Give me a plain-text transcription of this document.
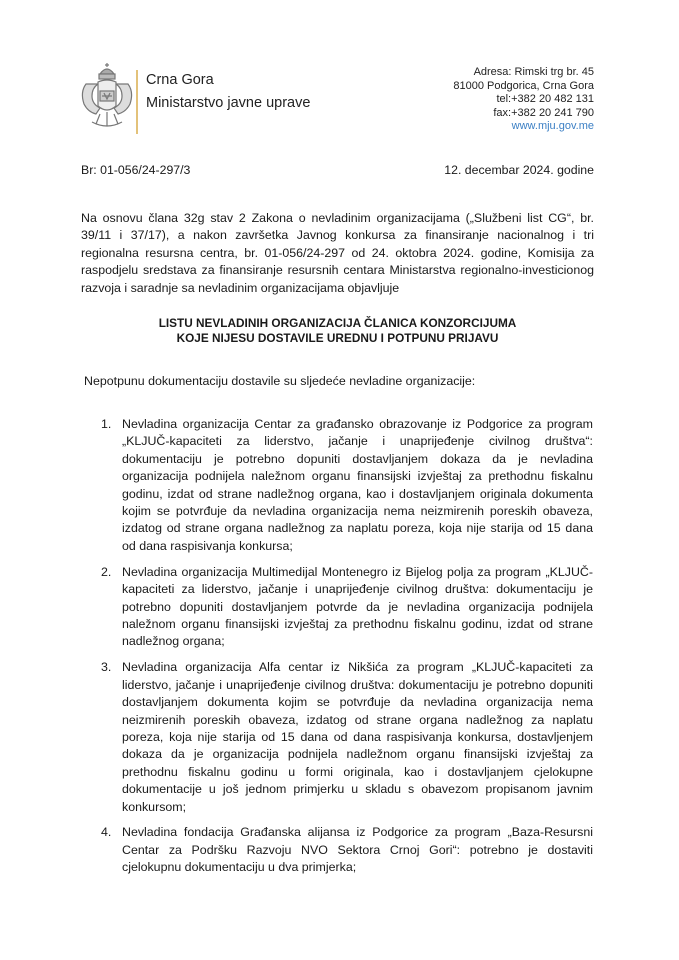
Crna Gora
Ministarstvo javne uprave
Adresa: Rimski trg br. 45
81000 Podgorica, Crna Gora
tel:+382 20 482 131
fax:+382 20 241 790
www.mju.gov.me
Br: 01-056/24-297/3	12. decembar 2024. godine
Na osnovu člana 32g stav 2 Zakona o nevladinim organizacijama („Službeni list CG“, br. 39/11 i 37/17), a nakon završetka Javnog konkursa za finansiranje nacionalnog i tri regionalna resursna centra, br. 01-056/24-297 od 24. oktobra 2024. godine, Komisija za raspodjelu sredstava za finansiranje resursnih centara Ministarstva regionalno-investicionog razvoja i saradnje sa nevladinim organizacijama objavljuje
LISTU NEVLADINIH ORGANIZACIJA ČLANICA KONZORCIJUMA
KOJE NIJESU DOSTAVILE UREDNU I POTPUNU PRIJAVU
Nepotpunu dokumentaciju dostavile su sljedeće nevladine organizacije:
1. Nevladina organizacija Centar za građansko obrazovanje iz Podgorice za program „KLJUČ-kapaciteti za liderstvo, jačanje i unaprijeđenje civilnog društva“: dokumentaciju je potrebno dopuniti dostavljanjem dokaza da je nevladina organizacija podnijela naležnom organu finansijski izvještaj za prethodnu fiskalnu godinu, izdat od strane nadležnog organa, kao i dostavljanjem originala dokumenta kojim se potvrđuje da nevladina organizacija nema neizmirenih poreskih obaveza, izdatog od strane organa nadležnog za naplatu poreza, koja nije starija od 15 dana od dana raspisivanja konkursa;
2. Nevladina organizacija Multimedijal Montenegro iz Bijelog polja za program „KLJUČ-kapaciteti za liderstvo, jačanje i unaprijeđenje civilnog društva: dokumentaciju je potrebno dopuniti dostavljanjem potvrde da je nevladina organizacija podnijela naležnom organu finansijski izvještaj za prethodnu fiskalnu godinu, izdat od strane nadležnog organa;
3. Nevladina organizacija Alfa centar iz Nikšića za program „KLJUČ-kapaciteti za liderstvo, jačanje i unaprijeđenje civilnog društva: dokumentaciju je potrebno dopuniti dostavljanjem dokumenta kojim se potvrđuje da nevladina organizacija nema neizmirenih poreskih obaveza, izdatog od strane organa nadležnog za naplatu poreza, koja nije starija od 15 dana od dana raspisivanja konkursa, dostavljenjem dokaza da je organizacija podnijela nadležnom organu finansijski izvještaj za prethodnu fiskalnu godinu u formi originala, kao i dostavljanjem cjelokupne dokumentacije u još jednom primjerku u skladu s obavezom propisanom javnim konkursom;
4. Nevladina fondacija Građanska alijansa iz Podgorice za program „Baza-Resursni Centar za Podršku Razvoju NVO Sektora Crnoj Gori“: potrebno je dostaviti cjelokupnu dokumentaciju u dva primjerka;
